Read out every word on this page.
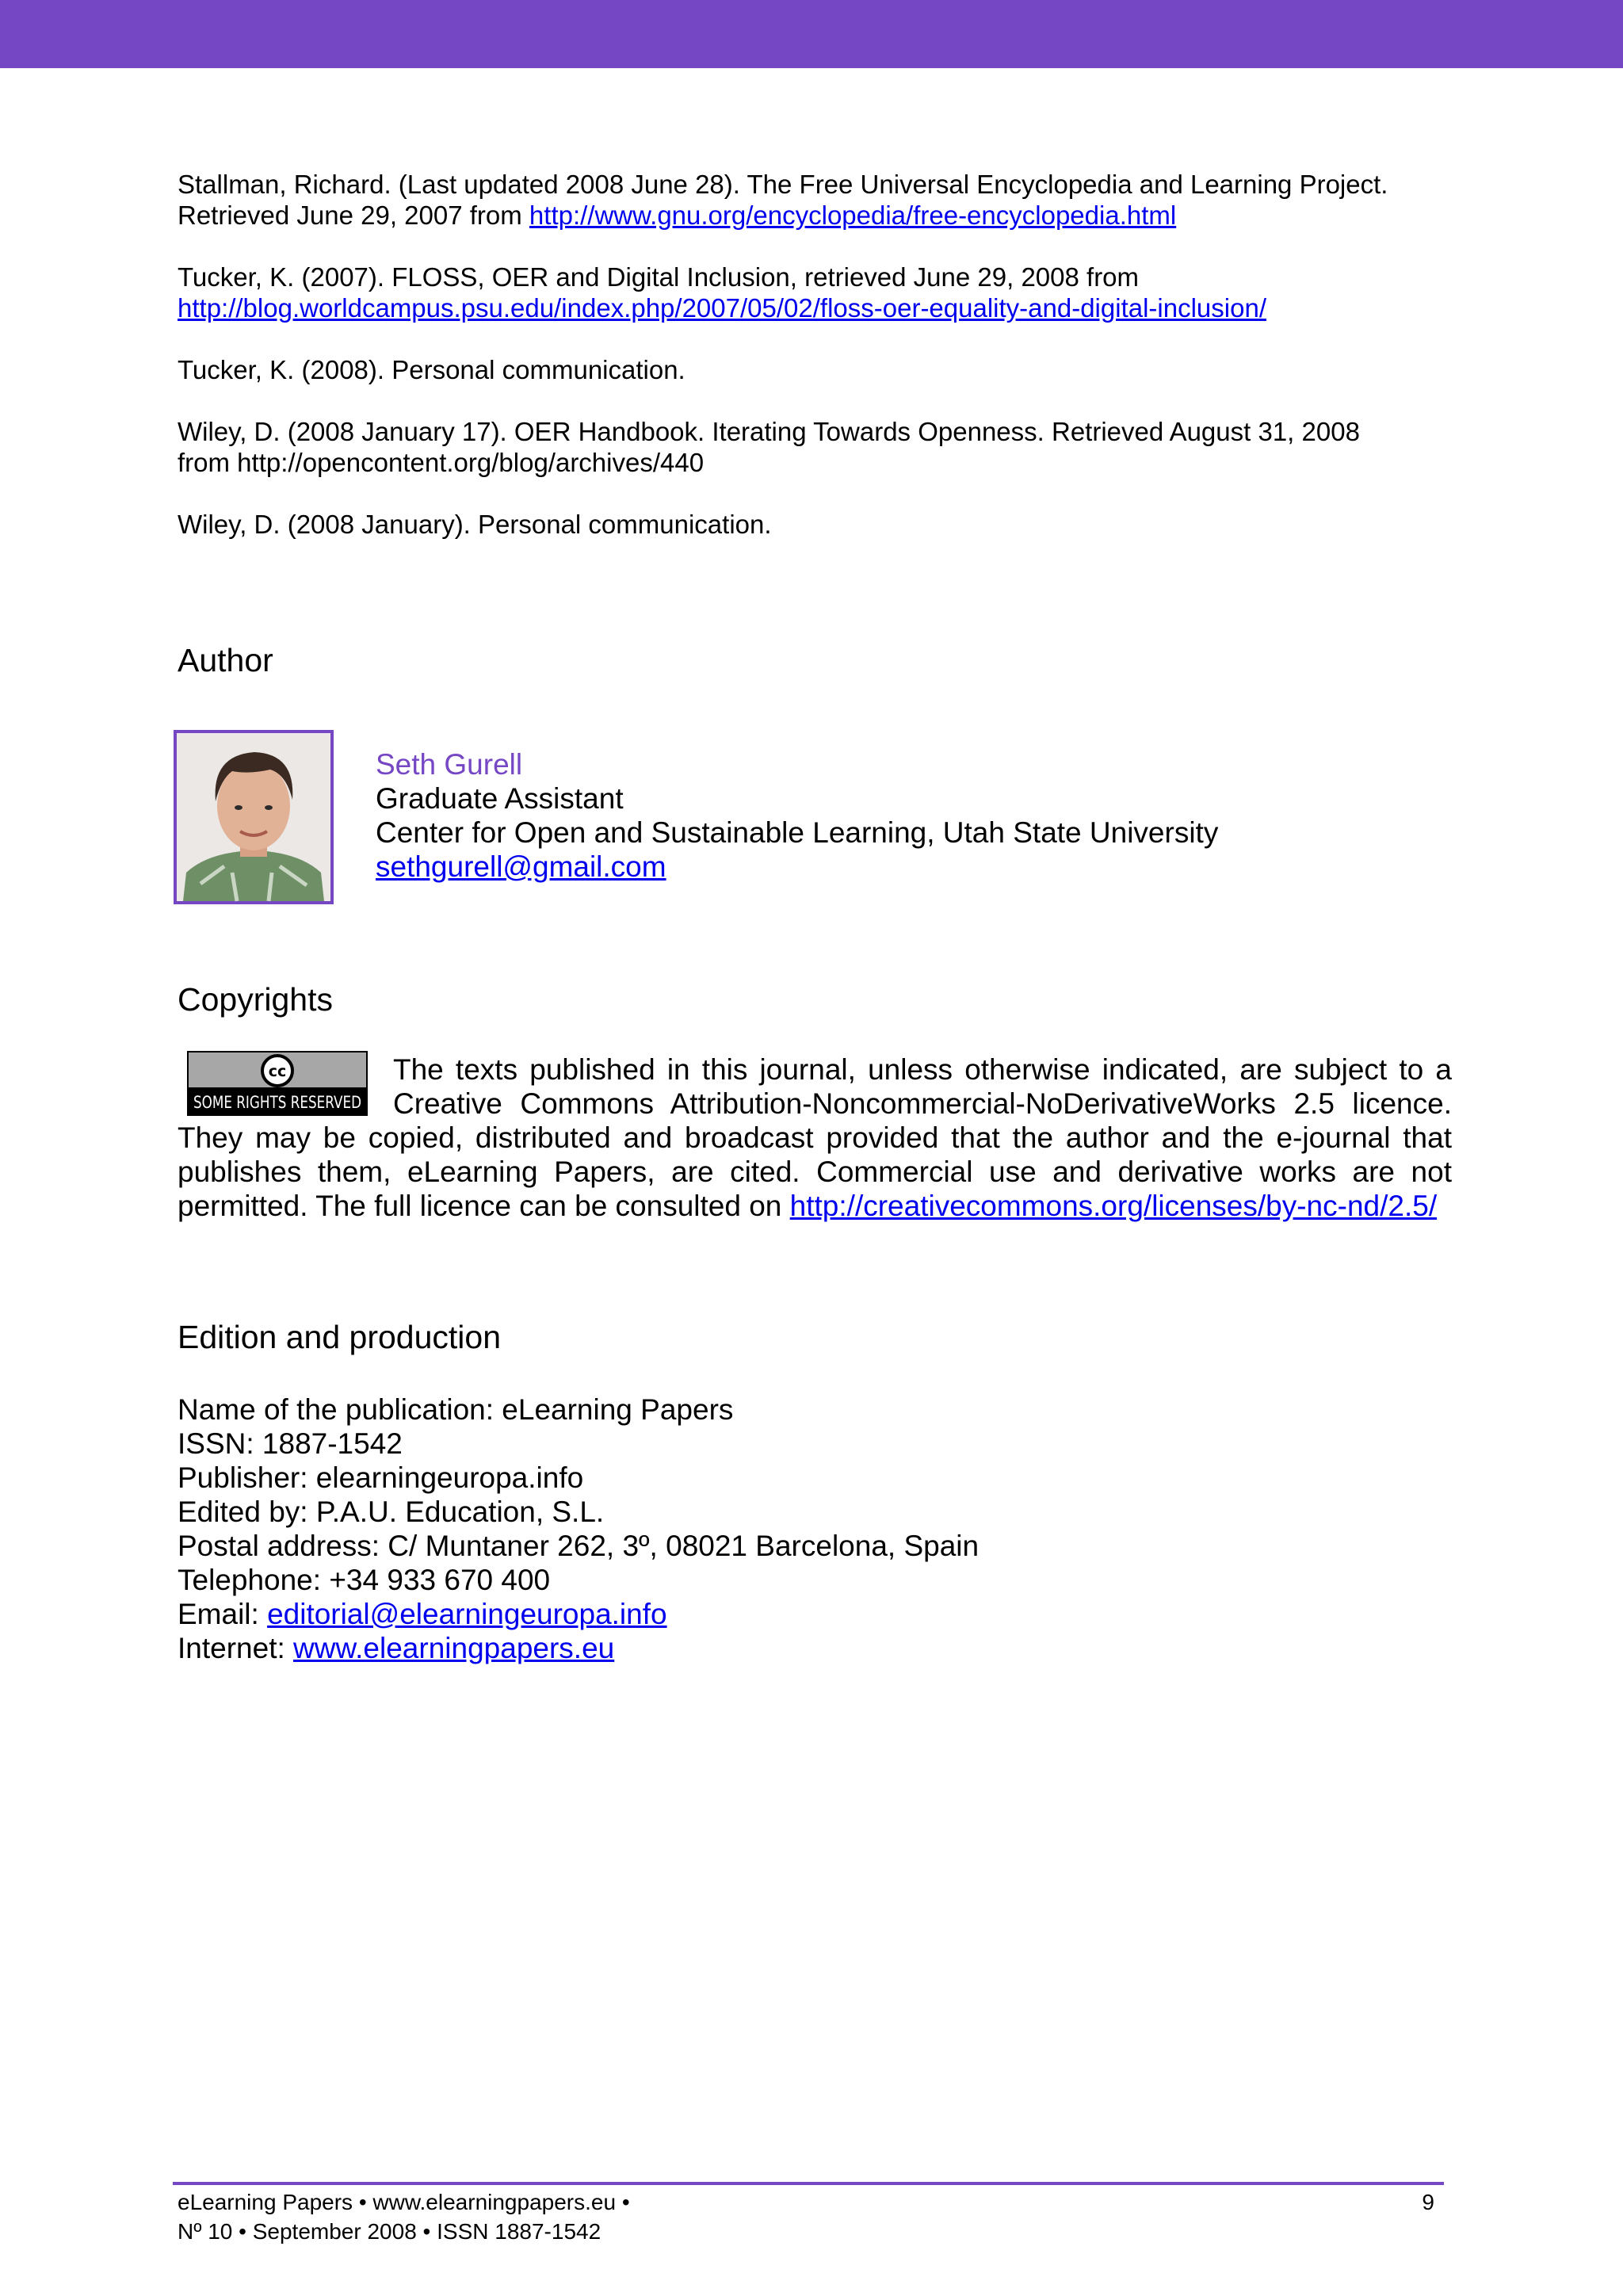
Stallman, Richard. (Last updated 2008 June 28). The Free Universal Encyclopedia and Learning Project. Retrieved June 29, 2007 from http://www.gnu.org/encyclopedia/free-encyclopedia.html

Tucker, K. (2007). FLOSS, OER and Digital Inclusion, retrieved June 29, 2008 from
http://blog.worldcampus.psu.edu/index.php/2007/05/02/floss-oer-equality-and-digital-inclusion/

Tucker, K. (2008). Personal communication.

Wiley, D. (2008 January 17). OER Handbook. Iterating Towards Openness. Retrieved August 31, 2008
from http://opencontent.org/blog/archives/440

Wiley, D. (2008 January). Personal communication.

Author
Seth Gurell
Graduate Assistant
Center for Open and Sustainable Learning, Utah State University
sethgurell@gmail.com
Copyrights

The texts published in this journal, unless otherwise indicated, are subject to a Creative Commons Attribution-Noncommercial-NoDerivativeWorks 2.5 licence. They may be copied, distributed and broadcast provided that the author and the e-journal that publishes them, eLearning Papers, are cited. Commercial use and derivative works are not permitted. The full licence can be consulted on http://creativecommons.org/licenses/by-nc-nd/2.5/

cc
SOME RIGHTS RESERVED
Edition and production
Name of the publication: eLearning Papers
ISSN: 1887-1542
Publisher: elearningeuropa.info
Edited by: P.A.U. Education, S.L.
Postal address: C/ Muntaner 262, 3º, 08021 Barcelona, Spain
Telephone: +34 933 670 400
Email: editorial@elearningeuropa.info
Internet: www.elearningpapers.eu
eLearning Papers • www.elearningpapers.eu •
Nº 10 • September 2008 • ISSN 1887-1542
9
